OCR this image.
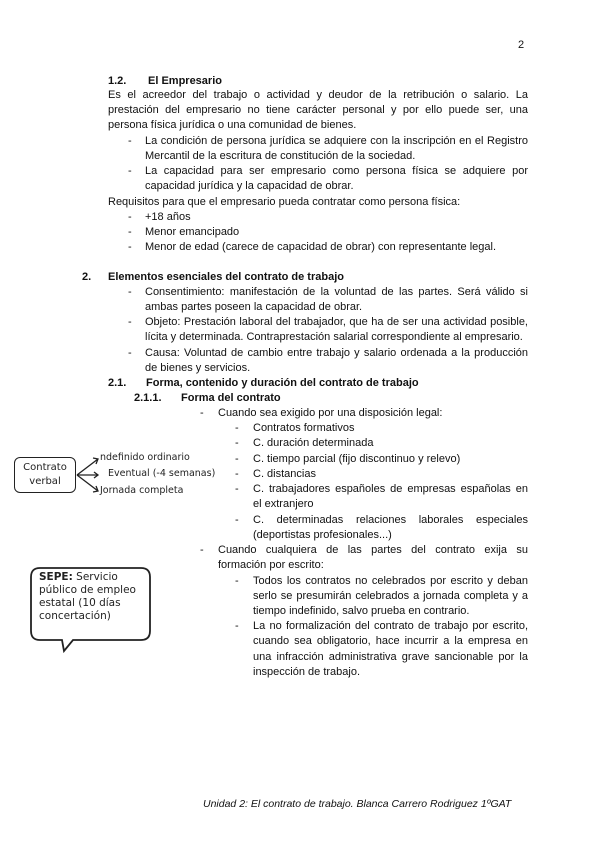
2
1.2. El Empresario
Es el acreedor del trabajo o actividad y deudor de la retribución o salario. La
prestación del empresario no tiene carácter personal y por ello puede ser, una
persona física jurídica o una comunidad de bienes.
- La condición de persona jurídica se adquiere con la inscripción en el Registro
Mercantil de la escritura de constitución de la sociedad.
- La capacidad para ser empresario como persona física se adquiere por
capacidad jurídica y la capacidad de obrar.
Requisitos para que el empresario pueda contratar como persona física:
- +18 años
- Menor emancipado
- Menor de edad (carece de capacidad de obrar) con representante legal.
2. Elementos esenciales del contrato de trabajo
- Consentimiento: manifestación de la voluntad de las partes. Será válido si
ambas partes poseen la capacidad de obrar.
- Objeto: Prestación laboral del trabajador, que ha de ser una actividad posible,
lícita y determinada. Contraprestación salarial correspondiente al empresario.
- Causa: Voluntad de cambio entre trabajo y salario ordenada a la producción
de bienes y servicios.
2.1. Forma, contenido y duración del contrato de trabajo
2.1.1. Forma del contrato
- Cuando sea exigido por una disposición legal:
- Contratos formativos
- C. duración determinada
- C. tiempo parcial (fijo discontinuo y relevo)
- C. distancias
- C. trabajadores españoles de empresas españolas en
el extranjero
- C. determinadas relaciones laborales especiales
(deportistas profesionales...)
- Cuando cualquiera de las partes del contrato exija su
formación por escrito:
- Todos los contratos no celebrados por escrito y deban
serlo se presumirán celebrados a jornada completa y a
tiempo indefinido, salvo prueba en contrario.
- La no formalización del contrato de trabajo por escrito,
cuando sea obligatorio, hace incurrir a la empresa en
una infracción administrativa grave sancionable por la
inspección de trabajo.
Contrato verbal
ndefinido ordinario
Eventual (-4 semanas)
Jornada completa
SEPE: Servicio público de empleo estatal (10 días concertación)
Unidad 2: El contrato de trabajo. Blanca Carrero Rodriguez 1ºGAT
